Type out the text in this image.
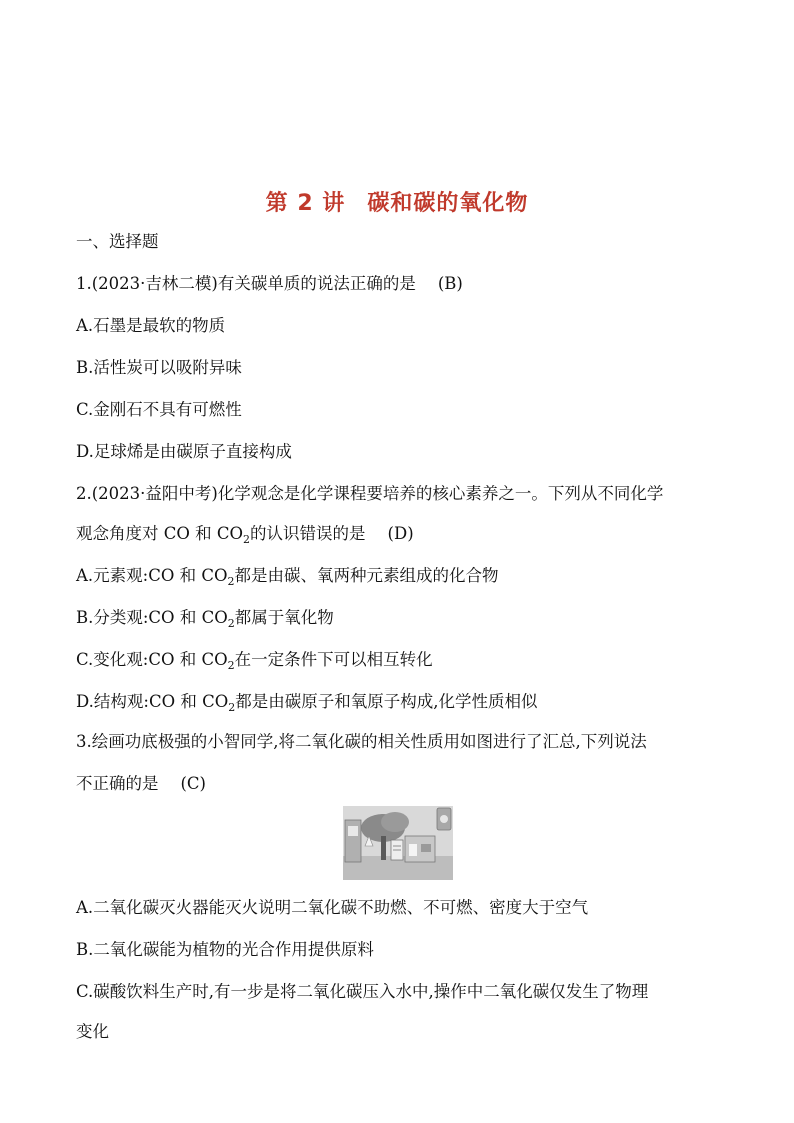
第 2 讲 碳和碳的氧化物
一、选择题
1.(2023·吉林二模)有关碳单质的说法正确的是 (B)
A.石墨是最软的物质
B.活性炭可以吸附异味
C.金刚石不具有可燃性
D.足球烯是由碳原子直接构成
2.(2023·益阳中考)化学观念是化学课程要培养的核心素养之一。下列从不同化学
观念角度对 CO 和 $CO_2$的认识错误的是 (D)
A.元素观:CO 和 $CO_2$都是由碳、氧两种元素组成的化合物
B.分类观:CO 和 $CO_2$都属于氧化物
C.变化观:CO 和 $CO_2$在一定条件下可以相互转化
D.结构观:CO 和 $CO_2$都是由碳原子和氧原子构成,化学性质相似
3.绘画功底极强的小智同学,将二氧化碳的相关性质用如图进行了汇总,下列说法
不正确的是 (C)
A.二氧化碳灭火器能灭火说明二氧化碳不助燃、不可燃、密度大于空气
B.二氧化碳能为植物的光合作用提供原料
C.碳酸饮料生产时,有一步是将二氧化碳压入水中,操作中二氧化碳仅发生了物理
变化
